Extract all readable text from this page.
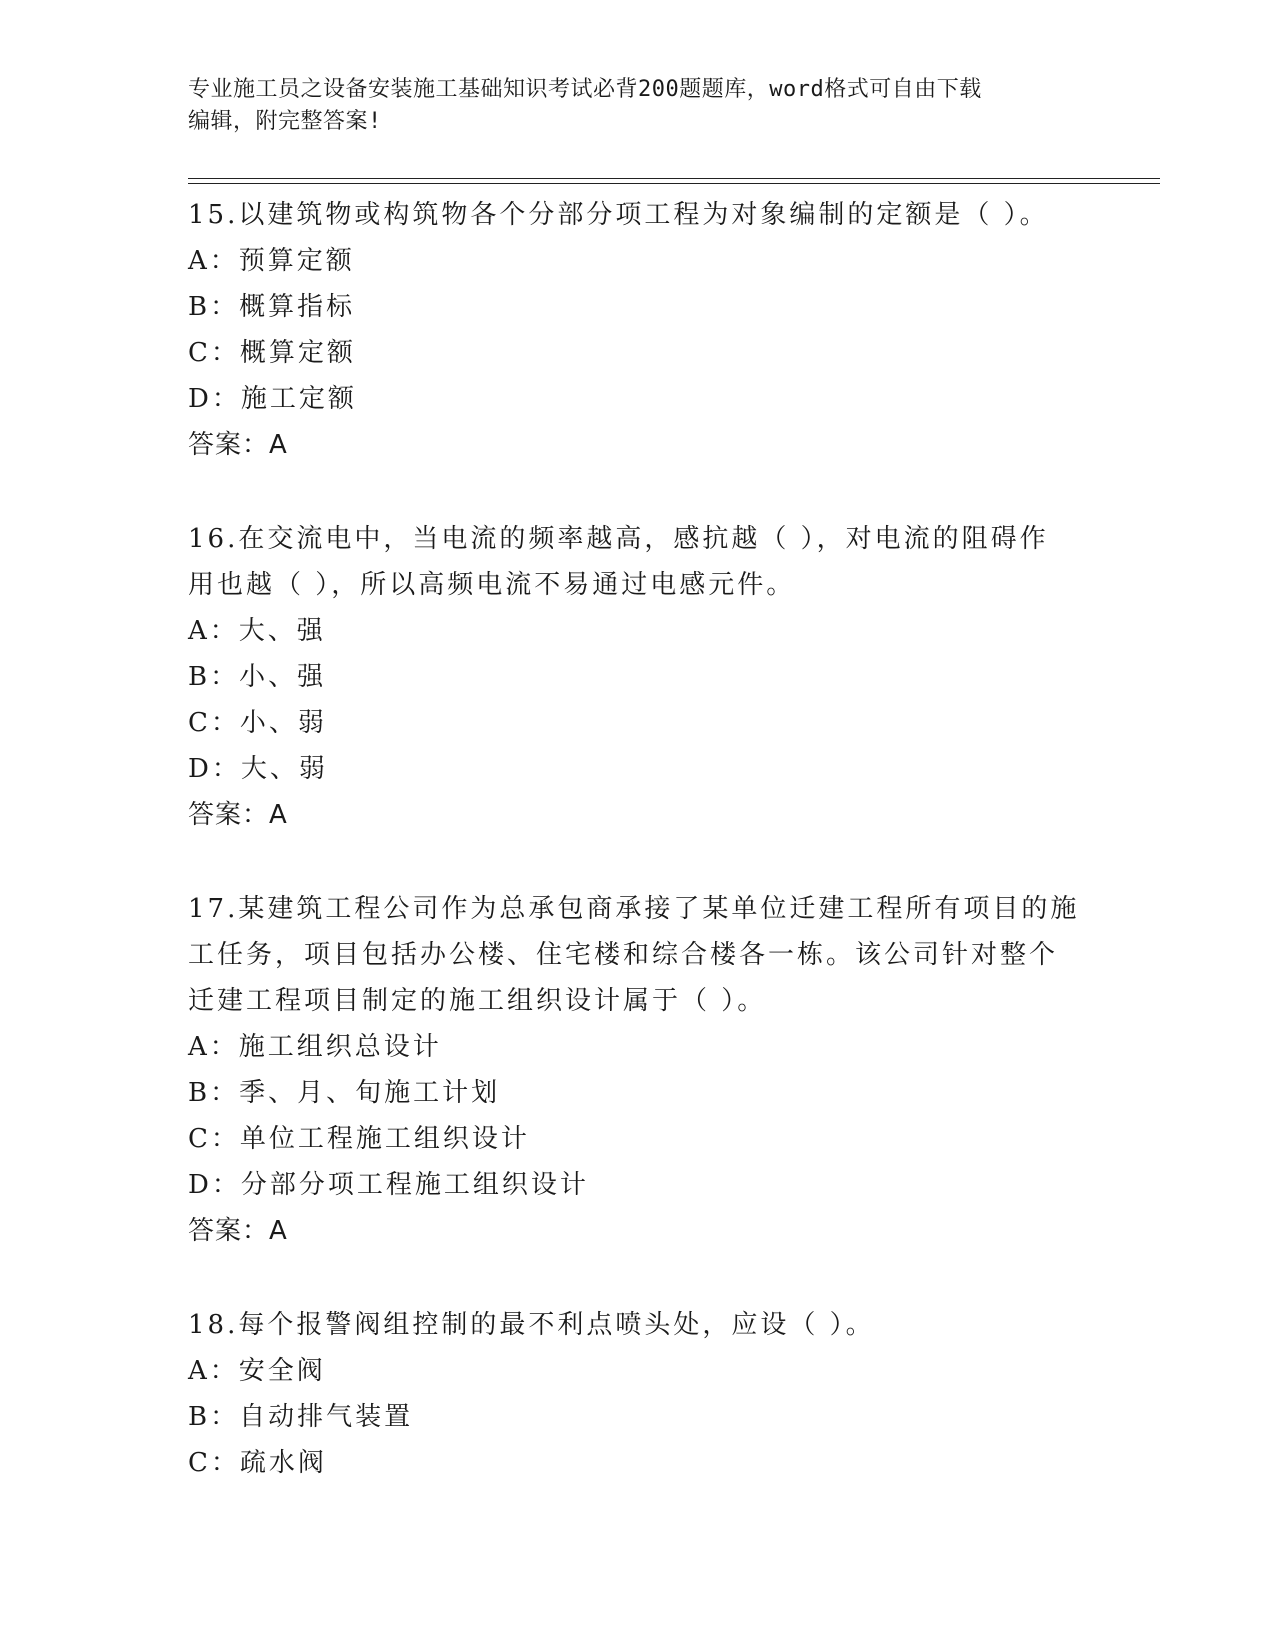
专业施工员之设备安装施工基础知识考试必背200题题库，word格式可自由下载
编辑，附完整答案!
15.以建筑物或构筑物各个分部分项工程为对象编制的定额是（ ）。
A：预算定额
B：概算指标
C：概算定额
D：施工定额
答案：A
16.在交流电中，当电流的频率越高，感抗越（ ），对电流的阻碍作
用也越（ ），所以高频电流不易通过电感元件。
A：大、强
B：小、强
C：小、弱
D：大、弱
答案：A
17.某建筑工程公司作为总承包商承接了某单位迁建工程所有项目的施
工任务，项目包括办公楼、住宅楼和综合楼各一栋。该公司针对整个
迁建工程项目制定的施工组织设计属于（ ）。
A：施工组织总设计
B：季、月、旬施工计划
C：单位工程施工组织设计
D：分部分项工程施工组织设计
答案：A
18.每个报警阀组控制的最不利点喷头处，应设（ ）。
A：安全阀
B：自动排气装置
C：疏水阀
